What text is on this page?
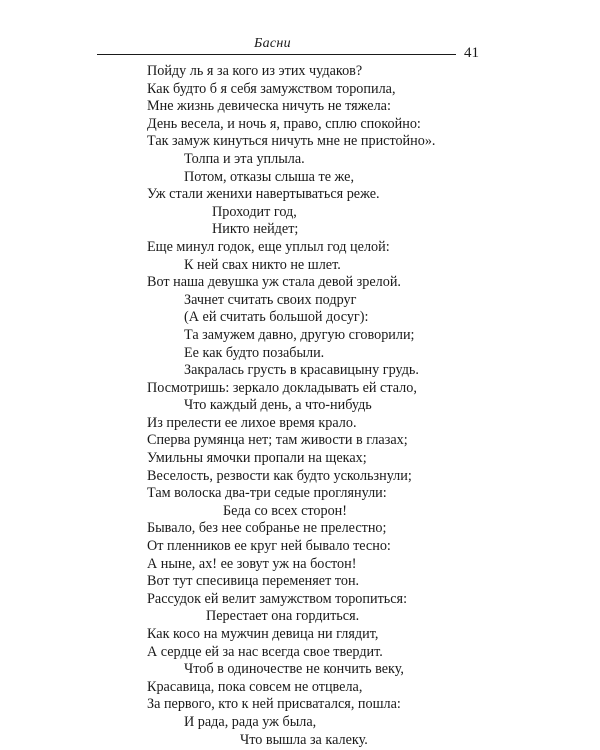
Басни
41
Пойду ль я за кого из этих чудаков?
Как будто б я себя замужством торопила,
Мне жизнь девическа ничуть не тяжела:
День весела, и ночь я, право, сплю спокойно:
Так замуж кинуться ничуть мне не пристойно».
Толпа и эта уплыла.
Потом, отказы слыша те же,
Уж стали женихи навертываться реже.
Проходит год,
Никто нейдет;
Еще минул годок, еще уплыл год целой:
К ней свах никто не шлет.
Вот наша девушка уж стала девой зрелой.
Зачнет считать своих подруг
(А ей считать большой досуг):
Та замужем давно, другую сговорили;
Ее как будто позабыли.
Закралась грусть в красавицыну грудь.
Посмотришь: зеркало докладывать ей стало,
Что каждый день, а что-нибудь
Из прелести ее лихое время крало.
Сперва румянца нет; там живости в глазах;
Умильны ямочки пропали на щеках;
Веселость, резвости как будто ускользнули;
Там волоска два-три седые проглянули:
Беда со всех сторон!
Бывало, без нее собранье не прелестно;
От пленников ее круг ней бывало тесно:
А ныне, ах! ее зовут уж на бостон!
Вот тут спесивица переменяет тон.
Рассудок ей велит замужством торопиться:
Перестает она гордиться.
Как косо на мужчин девица ни глядит,
А сердце ей за нас всегда свое твердит.
Чтоб в одиночестве не кончить веку,
Красавица, пока совсем не отцвела,
За первого, кто к ней присватался, пошла:
И рада, рада уж была,
Что вышла за калеку.
